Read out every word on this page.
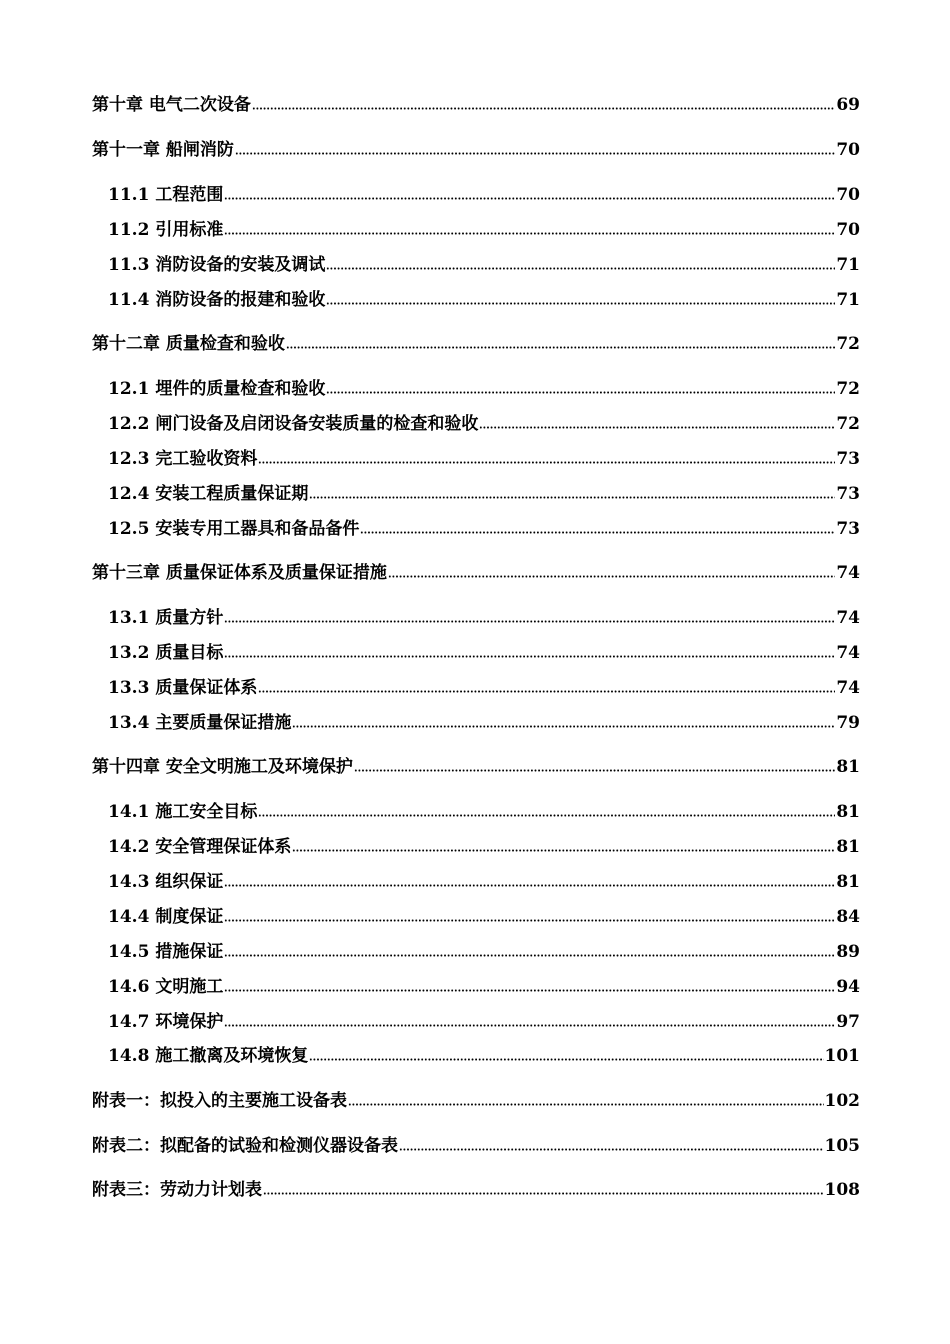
第十章 电气二次设备	69
第十一章 船闸消防	70
11.1 工程范围	70
11.2 引用标准	70
11.3 消防设备的安装及调试	71
11.4 消防设备的报建和验收	71
第十二章 质量检查和验收	72
12.1 埋件的质量检查和验收	72
12.2 闸门设备及启闭设备安装质量的检查和验收	72
12.3 完工验收资料	73
12.4 安装工程质量保证期	73
12.5 安装专用工器具和备品备件	73
第十三章 质量保证体系及质量保证措施	74
13.1 质量方针	74
13.2 质量目标	74
13.3 质量保证体系	74
13.4 主要质量保证措施	79
第十四章 安全文明施工及环境保护	81
14.1 施工安全目标	81
14.2 安全管理保证体系	81
14.3 组织保证	81
14.4 制度保证	84
14.5 措施保证	89
14.6 文明施工	94
14.7 环境保护	97
14.8 施工撤离及环境恢复	101
附表一：拟投入的主要施工设备表	102
附表二：拟配备的试验和检测仪器设备表	105
附表三：劳动力计划表	108
